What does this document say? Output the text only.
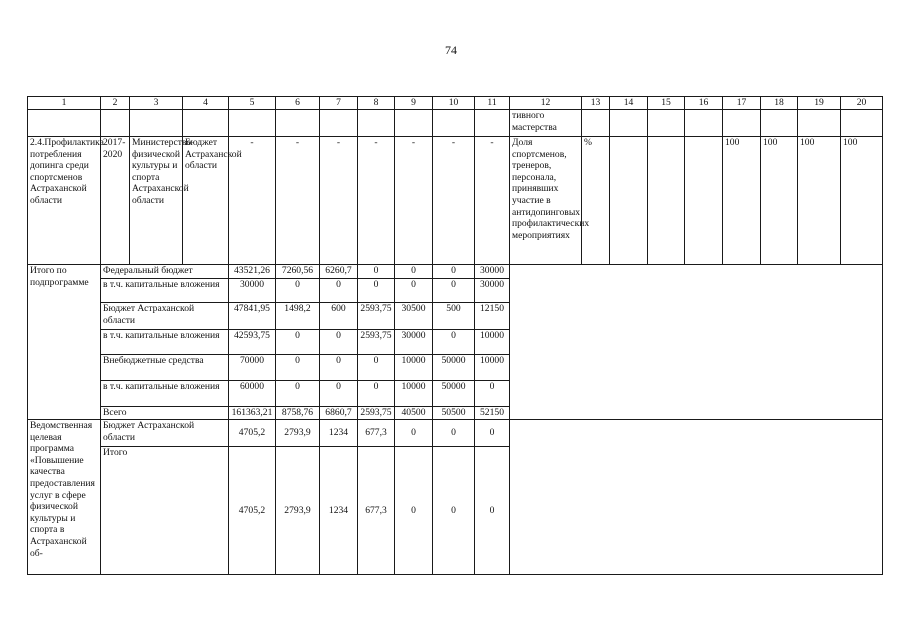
74
1	2	3	4	5	6	7	8	9	10	11	12	13	14	15	16	17	18	19	20
											тивного мастерства								
2.4.Профилактика потребления допинга среди спортсменов Астраханской области	2017-2020	Министерство физической культуры и спорта Астраханской области	Бюджет Астраханской области	-	-	-	-	-	-	-	Доля спортсменов, тренеров, персонала, принявших участие в антидопинговых профилактических мероприятиях	%				100	100	100	100
Итого по подпрограмме	Федеральный бюджет			43521,26	7260,56	6260,7	0	0	0	30000									
	в т.ч. капитальные вложения			30000	0	0	0	0	0	30000									
	Бюджет Астраханской области			47841,95	1498,2	600	2593,75	30500	500	12150									
	в т.ч. капитальные вложения			42593,75	0	0	2593,75	30000	0	10000									
	Внебюджетные средства			70000	0	0	0	10000	50000	10000									
	в т.ч. капитальные вложения			60000	0	0	0	10000	50000	0									
	Всего			161363,21	8758,76	6860,7	2593,75	40500	50500	52150									
Ведомственная целевая программа «Повышение качества предоставления услуг в сфере физической культуры и спорта в Астраханской об-	Бюджет Астраханской области			4705,2	2793,9	1234	677,3	0	0	0									
	Итого			4705,2	2793,9	1234	677,3	0	0	0									
